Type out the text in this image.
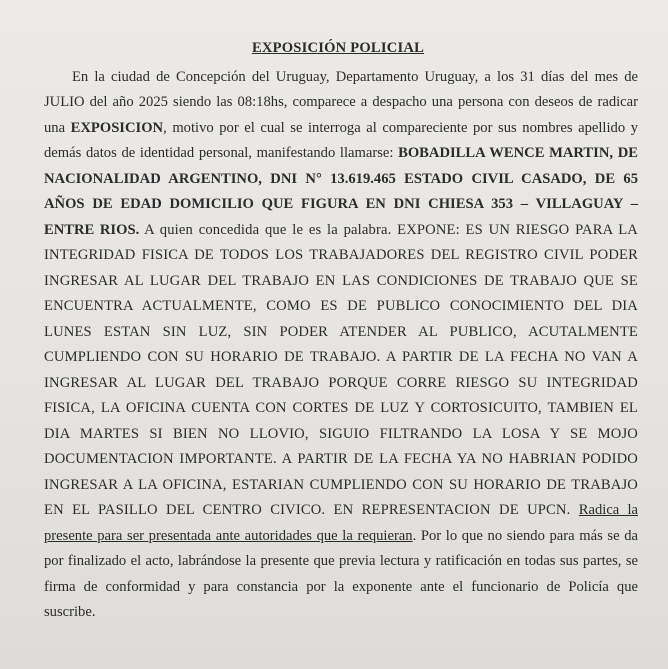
EXPOSICIÓN POLICIAL

En la ciudad de Concepción del Uruguay, Departamento Uruguay, a los 31 días del mes de JULIO del año 2025 siendo las 08:18hs, comparece a despacho una persona con deseos de radicar una EXPOSICION, motivo por el cual se interroga al compareciente por sus nombres apellido y demás datos de identidad personal, manifestando llamarse: BOBADILLA WENCE MARTIN, DE NACIONALIDAD ARGENTINO, DNI N° 13.619.465 ESTADO CIVIL CASADO, DE 65 AÑOS DE EDAD DOMICILIO QUE FIGURA EN DNI CHIESA 353 – VILLAGUAY – ENTRE RIOS. A quien concedida que le es la palabra. EXPONE: ES UN RIESGO PARA LA INTEGRIDAD FISICA DE TODOS LOS TRABAJADORES DEL REGISTRO CIVIL PODER INGRESAR AL LUGAR DEL TRABAJO EN LAS CONDICIONES DE TRABAJO QUE SE ENCUENTRA ACTUALMENTE, COMO ES DE PUBLICO CONOCIMIENTO DEL DIA LUNES ESTAN SIN LUZ, SIN PODER ATENDER AL PUBLICO, ACUTALMENTE CUMPLIENDO CON SU HORARIO DE TRABAJO. A PARTIR DE LA FECHA NO VAN A INGRESAR AL LUGAR DEL TRABAJO PORQUE CORRE RIESGO SU INTEGRIDAD FISICA, LA OFICINA CUENTA CON CORTES DE LUZ Y CORTOSICUITO, TAMBIEN EL DIA MARTES SI BIEN NO LLOVIO, SIGUIO FILTRANDO LA LOSA Y SE MOJO DOCUMENTACION IMPORTANTE. A PARTIR DE LA FECHA YA NO HABRIAN PODIDO INGRESAR A LA OFICINA, ESTARIAN CUMPLIENDO CON SU HORARIO DE TRABAJO EN EL PASILLO DEL CENTRO CIVICO. EN REPRESENTACION DE UPCN. Radica la presente para ser presentada ante autoridades que la requieran. Por lo que no siendo para más se da por finalizado el acto, labrándose la presente que previa lectura y ratificación en todas sus partes, se firma de conformidad y para constancia por la exponente ante el funcionario de Policía que suscribe.
